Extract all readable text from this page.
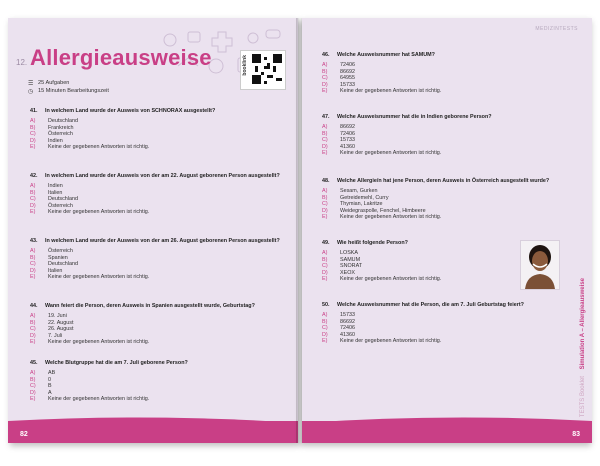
12. Allergieausweise	booklink
☰ 25 Aufgaben
◷ 15 Minuten Bearbeitungszeit
41. In welchem Land wurde der Ausweis von SCHNORAX ausgestellt?
A)	Deutschland
B)	Frankreich
C)	Österreich
D)	Indien
E)	Keine der gegebenen Antworten ist richtig.
42. In welchem Land wurde der Ausweis von der am 22. August geborenen Person ausgestellt?
A)	Indien
B)	Italien
C)	Deutschland
D)	Österreich
E)	Keine der gegebenen Antworten ist richtig.
43. In welchem Land wurde der Ausweis von der am 26. August geborenen Person ausgestellt?
A)	Österreich
B)	Spanien
C)	Deutschland
D)	Italien
E)	Keine der gegebenen Antworten ist richtig.
44. Wann feiert die Person, deren Ausweis in Spanien ausgestellt wurde, Geburtstag?
A)	19. Juni
B)	22. August
C)	26. August
D)	7. Juli
E)	Keine der gegebenen Antworten ist richtig.
45. Welche Blutgruppe hat die am 7. Juli geborene Person?
A)	AB
B)	0
C)	B
D)	A
E)	Keine der gegebenen Antworten ist richtig.
82
MEDIZINTESTS
46. Welche Ausweisnummer hat SAMUM?
A)	72406
B)	86692
C)	64955
D)	15733
E)	Keine der gegebenen Antworten ist richtig.
47. Welche Ausweisnummer hat die in Indien geborene Person?
A)	86692
B)	72406
C)	15733
D)	41360
E)	Keine der gegebenen Antworten ist richtig.
48. Welche Allergie/n hat jene Person, deren Ausweis in Österreich ausgestellt wurde?
A)	Sesam, Gurken
B)	Getreidemehl, Curry
C)	Thymian, Lakritze
D)	Weidegraspolle, Fenchel, Himbeere
E)	Keine der gegebenen Antworten ist richtig.
49. Wie heißt folgende Person?
A)	LOSKA
B)	SAMUM
C)	SNORAT
D)	XEOX
E)	Keine der gegebenen Antworten ist richtig.
50. Welche Ausweisnummer hat die Person, die am 7. Juli Geburtstag feiert?
A)	15733
B)	86692
C)	72406
D)	41360
E)	Keine der gegebenen Antworten ist richtig.
TESTS Booklet    Simulation A – Allergieausweise
83
